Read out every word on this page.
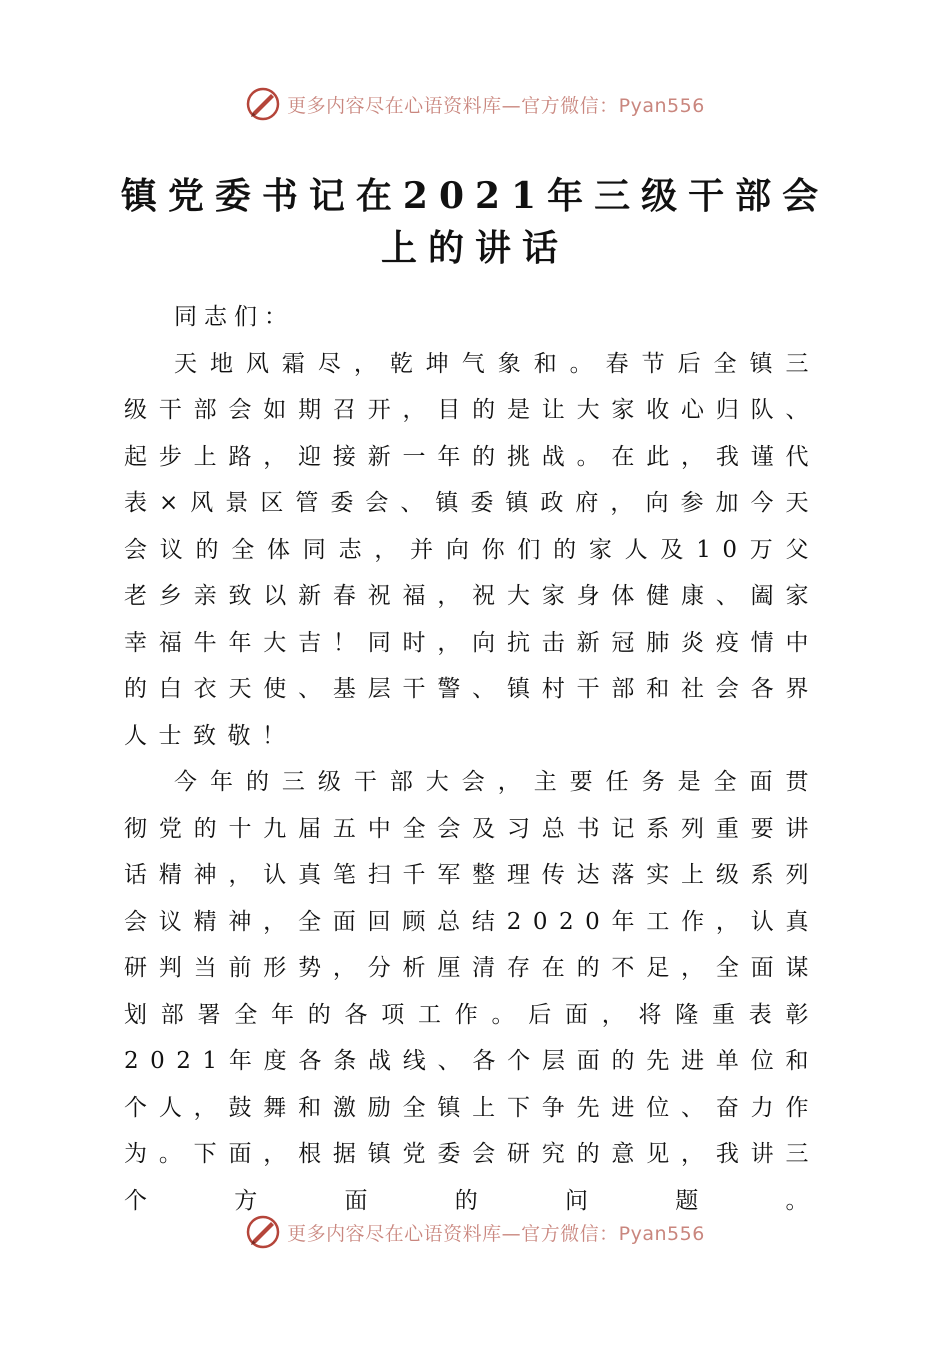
更多内容尽在心语资料库—官方微信：Pyan556
镇党委书记在2021年三级干部会上的讲话
同志们：

天地风霜尽，乾坤气象和。春节后全镇三级干部会如期召开，目的是让大家收心归队、起步上路，迎接新一年的挑战。在此，我谨代表×风景区管委会、镇委镇政府，向参加今天会议的全体同志，并向你们的家人及10万父老乡亲致以新春祝福，祝大家身体健康、阖家幸福牛年大吉！同时，向抗击新冠肺炎疫情中的白衣天使、基层干警、镇村干部和社会各界人士致敬！

今年的三级干部大会，主要任务是全面贯彻党的十九届五中全会及习总书记系列重要讲话精神，认真笔扫千军整理传达落实上级系列会议精神，全面回顾总结2020年工作，认真研判当前形势，分析厘清存在的不足，全面谋划部署全年的各项工作。后面，将隆重表彰2021年度各条战线、各个层面的先进单位和个人，鼓舞和激励全镇上下争先进位、奋力作为。下面，根据镇党委会研究的意见，我讲三个方面的问题。

更多内容尽在心语资料库—官方微信：Pyan556
